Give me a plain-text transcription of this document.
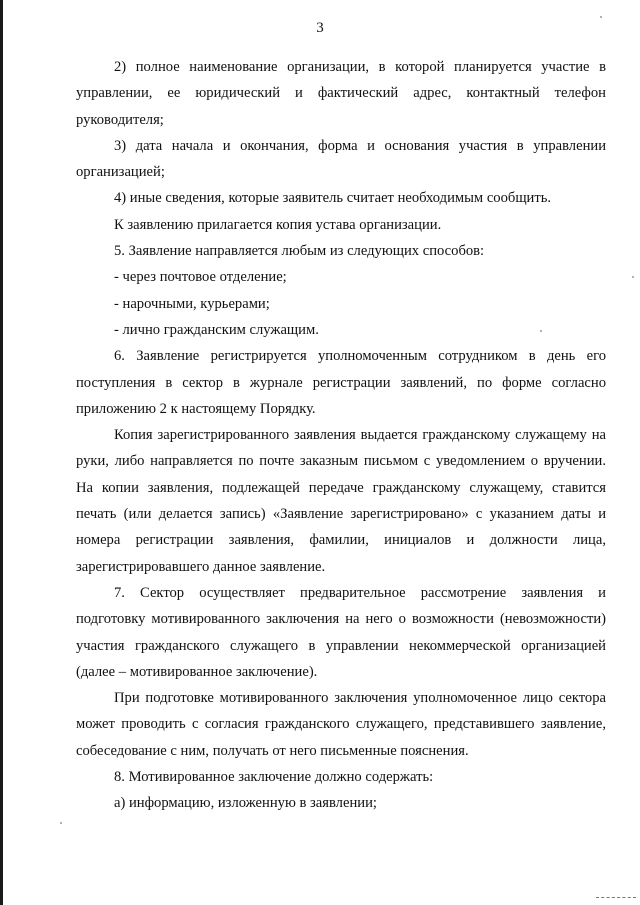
3

2) полное наименование организации, в которой планируется участие в управлении, ее юридический и фактический адрес, контактный телефон руководителя;

3) дата начала и окончания, форма и основания участия в управлении организацией;

4) иные сведения, которые заявитель считает необходимым сообщить.

К заявлению прилагается копия устава организации.

5. Заявление направляется любым из следующих способов:

- через почтовое отделение;

- нарочными, курьерами;

- лично гражданским служащим.

6. Заявление регистрируется уполномоченным сотрудником в день его поступления в сектор в журнале регистрации заявлений, по форме согласно приложению 2 к настоящему Порядку.

Копия зарегистрированного заявления выдается гражданскому служащему на руки, либо направляется по почте заказным письмом с уведомлением о вручении. На копии заявления, подлежащей передаче гражданскому служащему, ставится печать (или делается запись) «Заявление зарегистрировано» с указанием даты и номера регистрации заявления, фамилии, инициалов и должности лица, зарегистрировавшего данное заявление.

7. Сектор осуществляет предварительное рассмотрение заявления и подготовку мотивированного заключения на него о возможности (невозможности) участия гражданского служащего в управлении некоммерческой организацией (далее – мотивированное заключение).

При подготовке мотивированного заключения уполномоченное лицо сектора может проводить с согласия гражданского служащего, представившего заявление, собеседование с ним, получать от него письменные пояснения.

8. Мотивированное заключение должно содержать:

а) информацию, изложенную в заявлении;
